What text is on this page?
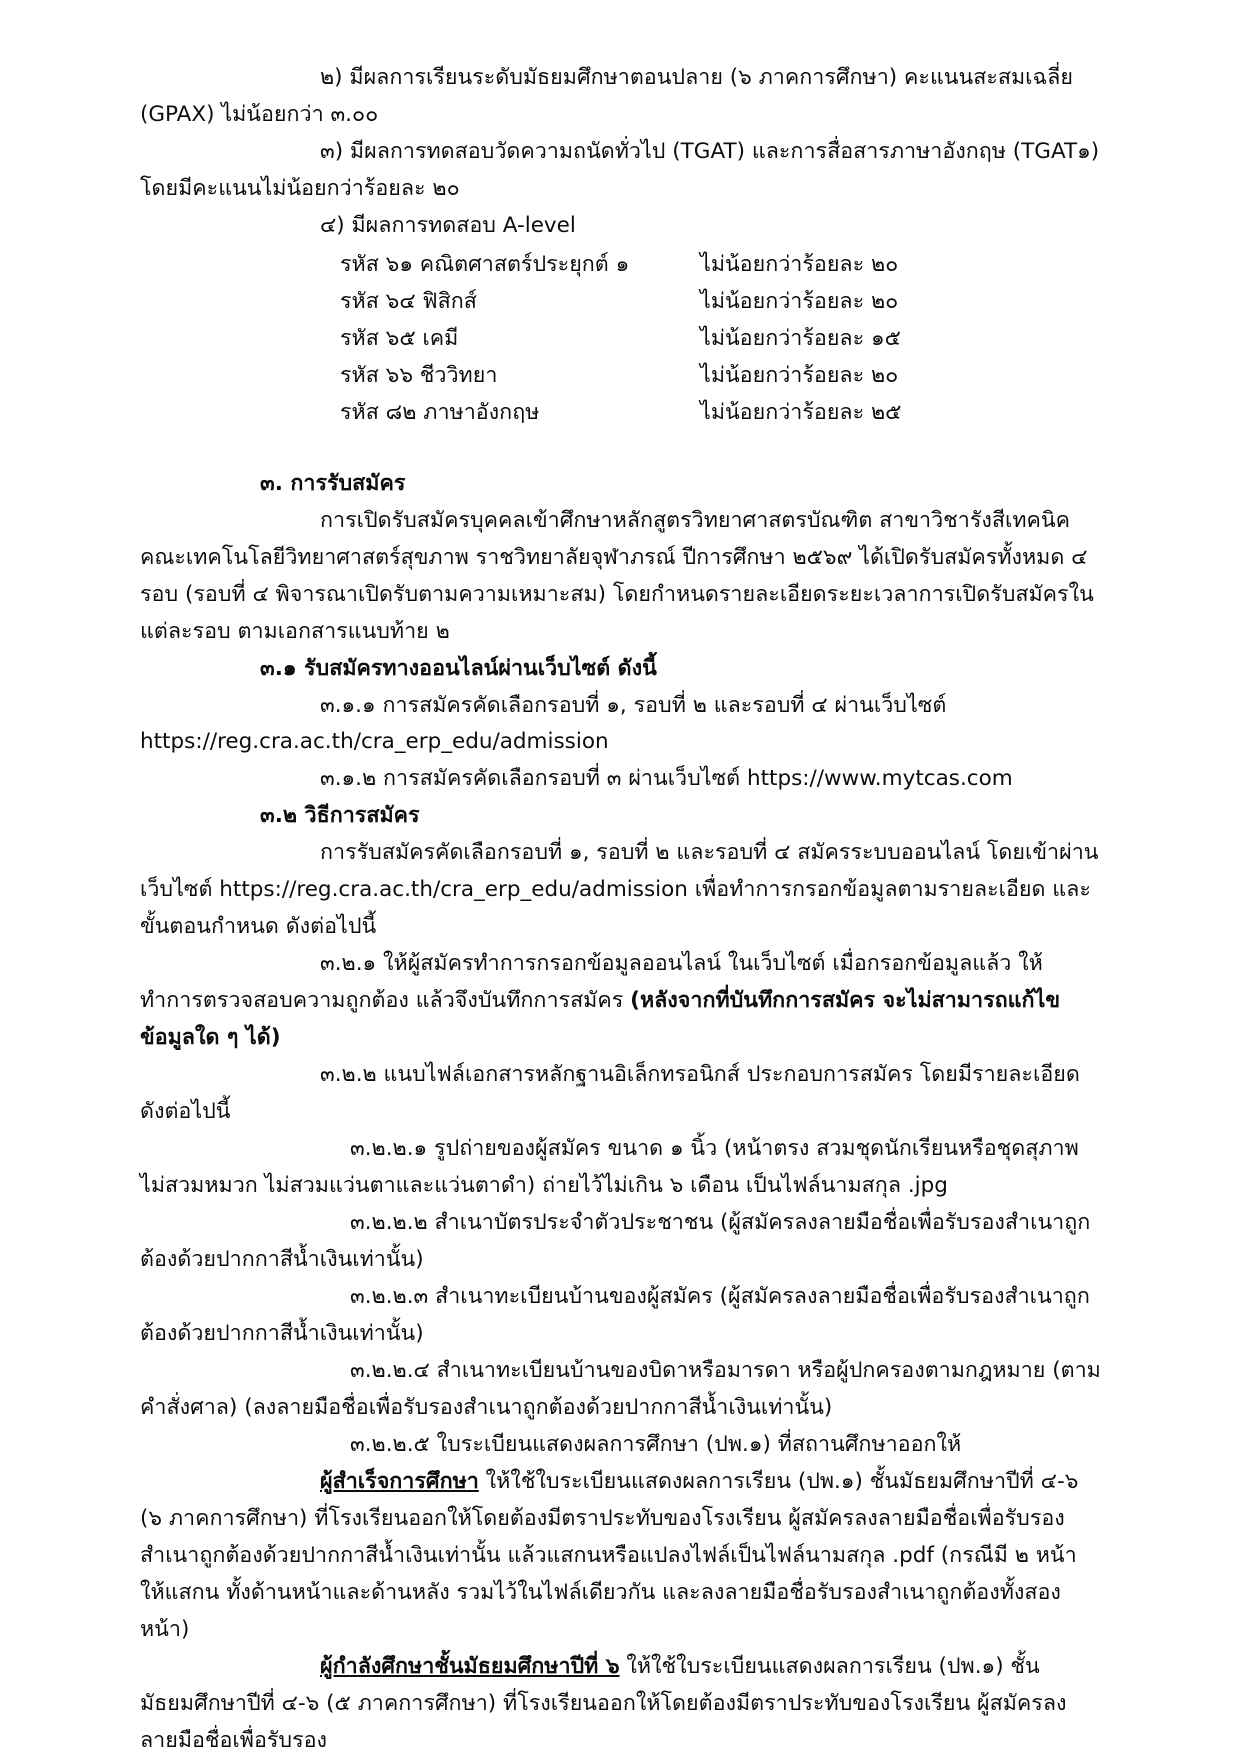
๒) มีผลการเรียนระดับมัธยมศึกษาตอนปลาย (๖ ภาคการศึกษา) คะแนนสะสมเฉลี่ย (GPAX) ไม่น้อยกว่า ๓.๐๐

๓) มีผลการทดสอบวัดความถนัดทั่วไป (TGAT) และการสื่อสารภาษาอังกฤษ (TGAT๑) โดยมีคะแนนไม่น้อยกว่าร้อยละ ๒๐

๔) มีผลการทดสอบ A-level

รหัส ๖๑ คณิตศาสตร์ประยุกต์ ๑	ไม่น้อยกว่าร้อยละ ๒๐
รหัส ๖๔ ฟิสิกส์	ไม่น้อยกว่าร้อยละ ๒๐
รหัส ๖๕ เคมี	ไม่น้อยกว่าร้อยละ ๑๕
รหัส ๖๖ ชีววิทยา	ไม่น้อยกว่าร้อยละ ๒๐
รหัส ๘๒ ภาษาอังกฤษ	ไม่น้อยกว่าร้อยละ ๒๕

๓. การรับสมัคร

การเปิดรับสมัครบุคคลเข้าศึกษาหลักสูตรวิทยาศาสตรบัณฑิต สาขาวิชารังสีเทคนิคคณะเทคโนโลยีวิทยาศาสตร์สุขภาพ ราชวิทยาลัยจุฬาภรณ์ ปีการศึกษา ๒๕๖๙ ได้เปิดรับสมัครทั้งหมด ๔ รอบ (รอบที่ ๔ พิจารณาเปิดรับตามความเหมาะสม) โดยกำหนดรายละเอียดระยะเวลาการเปิดรับสมัครในแต่ละรอบ ตามเอกสารแนบท้าย ๒

๓.๑ รับสมัครทางออนไลน์ผ่านเว็บไซต์ ดังนี้

๓.๑.๑ การสมัครคัดเลือกรอบที่ ๑, รอบที่ ๒ และรอบที่ ๔ ผ่านเว็บไซต์ https://reg.cra.ac.th/cra_erp_edu/admission

๓.๑.๒ การสมัครคัดเลือกรอบที่ ๓ ผ่านเว็บไซต์ https://www.mytcas.com

๓.๒ วิธีการสมัคร

การรับสมัครคัดเลือกรอบที่ ๑, รอบที่ ๒ และรอบที่ ๔ สมัครระบบออนไลน์ โดยเข้าผ่านเว็บไซต์ https://reg.cra.ac.th/cra_erp_edu/admission เพื่อทำการกรอกข้อมูลตามรายละเอียด และขั้นตอนกำหนด ดังต่อไปนี้

๓.๒.๑ ให้ผู้สมัครทำการกรอกข้อมูลออนไลน์ ในเว็บไซต์ เมื่อกรอกข้อมูลแล้ว ให้ทำการตรวจสอบความถูกต้อง แล้วจึงบันทึกการสมัคร (หลังจากที่บันทึกการสมัคร จะไม่สามารถแก้ไขข้อมูลใด ๆ ได้)

๓.๒.๒ แนบไฟล์เอกสารหลักฐานอิเล็กทรอนิกส์ ประกอบการสมัคร โดยมีรายละเอียดดังต่อไปนี้

๓.๒.๒.๑ รูปถ่ายของผู้สมัคร ขนาด ๑ นิ้ว (หน้าตรง สวมชุดนักเรียนหรือชุดสุภาพ ไม่สวมหมวก ไม่สวมแว่นตาและแว่นตาดำ) ถ่ายไว้ไม่เกิน ๖ เดือน เป็นไฟล์นามสกุล .jpg

๓.๒.๒.๒ สำเนาบัตรประจำตัวประชาชน (ผู้สมัครลงลายมือชื่อเพื่อรับรองสำเนาถูกต้องด้วยปากกาสีน้ำเงินเท่านั้น)

๓.๒.๒.๓ สำเนาทะเบียนบ้านของผู้สมัคร (ผู้สมัครลงลายมือชื่อเพื่อรับรองสำเนาถูกต้องด้วยปากกาสีน้ำเงินเท่านั้น)

๓.๒.๒.๔ สำเนาทะเบียนบ้านของบิดาหรือมารดา หรือผู้ปกครองตามกฎหมาย (ตามคำสั่งศาล) (ลงลายมือชื่อเพื่อรับรองสำเนาถูกต้องด้วยปากกาสีน้ำเงินเท่านั้น)

๓.๒.๒.๕ ใบระเบียนแสดงผลการศึกษา (ปพ.๑) ที่สถานศึกษาออกให้

ผู้สำเร็จการศึกษา ให้ใช้ใบระเบียนแสดงผลการเรียน (ปพ.๑) ชั้นมัธยมศึกษาปีที่ ๔-๖ (๖ ภาคการศึกษา) ที่โรงเรียนออกให้โดยต้องมีตราประทับของโรงเรียน ผู้สมัครลงลายมือชื่อเพื่อรับรองสำเนาถูกต้องด้วยปากกาสีน้ำเงินเท่านั้น แล้วแสกนหรือแปลงไฟล์เป็นไฟล์นามสกุล .pdf (กรณีมี ๒ หน้าให้แสกน ทั้งด้านหน้าและด้านหลัง รวมไว้ในไฟล์เดียวกัน และลงลายมือชื่อรับรองสำเนาถูกต้องทั้งสองหน้า)

ผู้กำลังศึกษาชั้นมัธยมศึกษาปีที่ ๖ ให้ใช้ใบระเบียนแสดงผลการเรียน (ปพ.๑) ชั้นมัธยมศึกษาปีที่ ๔-๖ (๕ ภาคการศึกษา) ที่โรงเรียนออกให้โดยต้องมีตราประทับของโรงเรียน ผู้สมัครลงลายมือชื่อเพื่อรับรอง
